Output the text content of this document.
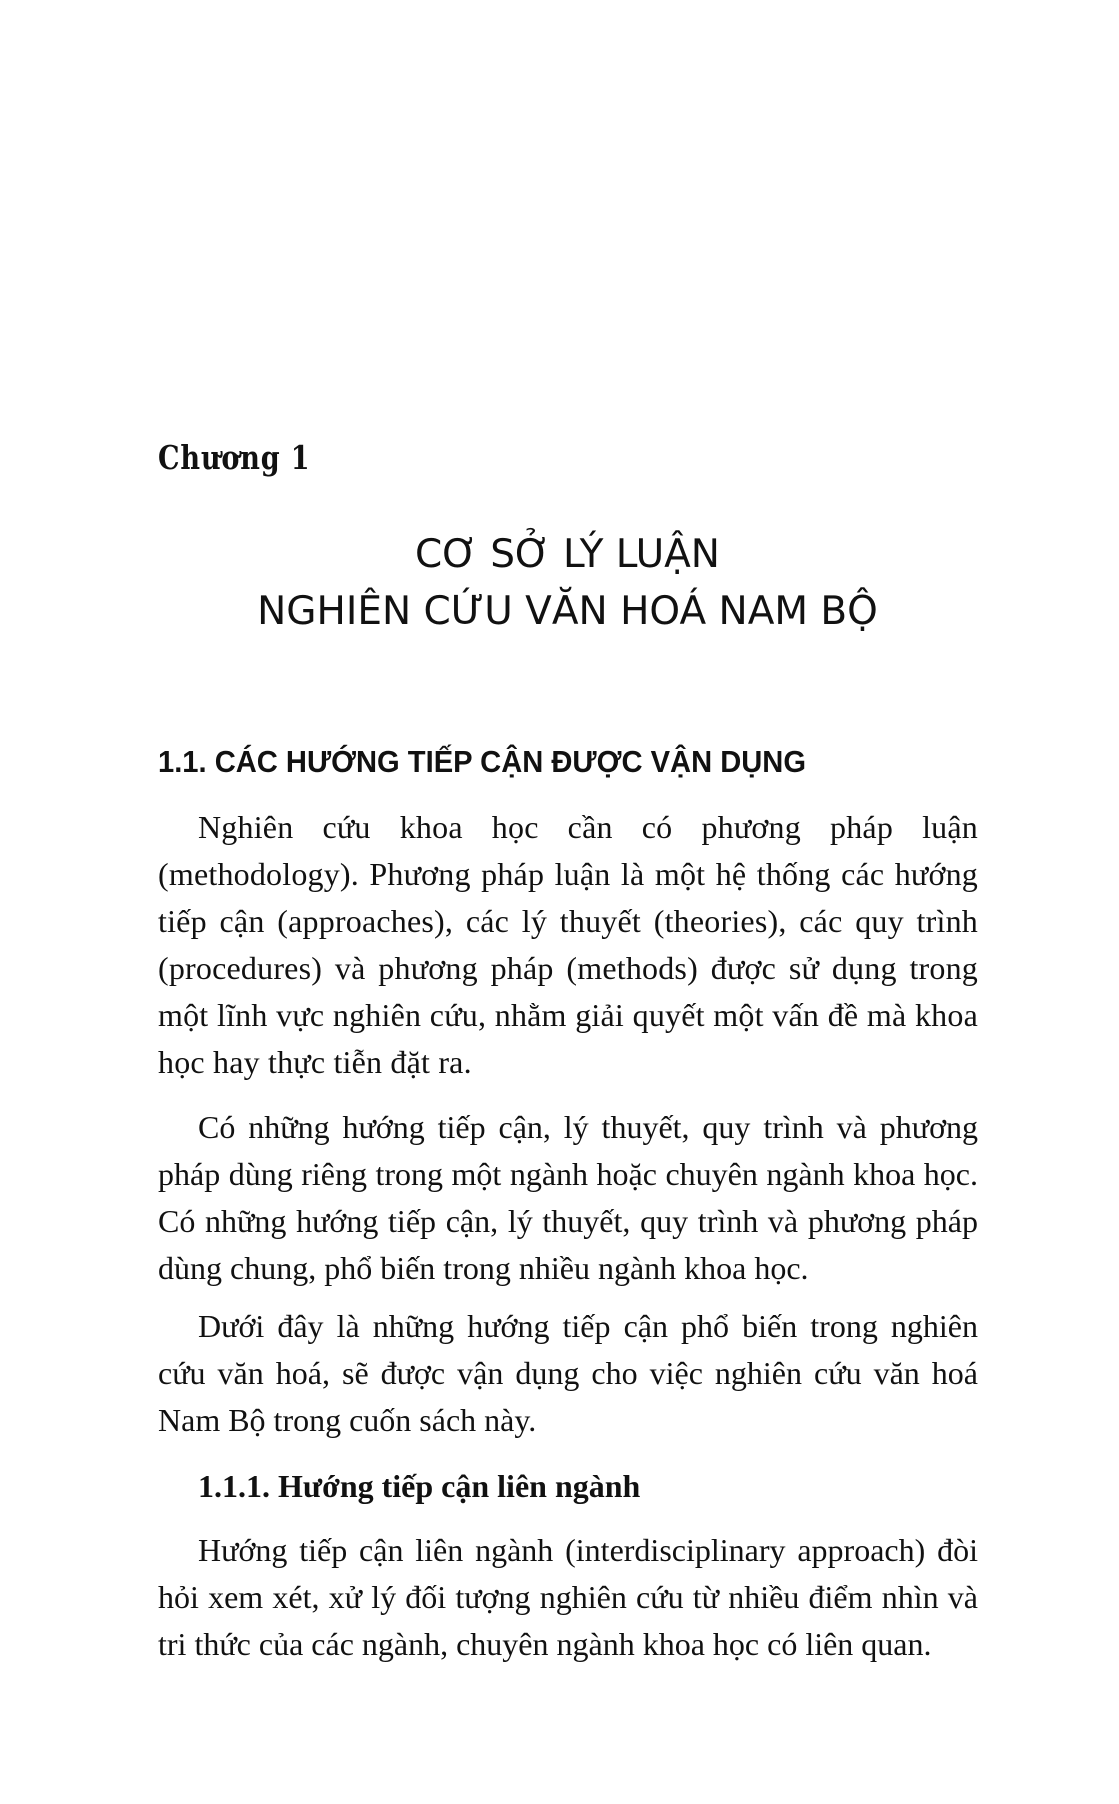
Chương 1
CƠ SỞ LÝ LUẬN
NGHIÊN CỨU VĂN HOÁ NAM BỘ
1.1. CÁC HƯỚNG TIẾP CẬN ĐƯỢC VẬN DỤNG

Nghiên cứu khoa học cần có phương pháp luận (methodology). Phương pháp luận là một hệ thống các hướng tiếp cận (approaches), các lý thuyết (theories), các quy trình (procedures) và phương pháp (methods) được sử dụng trong một lĩnh vực nghiên cứu, nhằm giải quyết một vấn đề mà khoa học hay thực tiễn đặt ra.

Có những hướng tiếp cận, lý thuyết, quy trình và phương pháp dùng riêng trong một ngành hoặc chuyên ngành khoa học. Có những hướng tiếp cận, lý thuyết, quy trình và phương pháp dùng chung, phổ biến trong nhiều ngành khoa học.

Dưới đây là những hướng tiếp cận phổ biến trong nghiên cứu văn hoá, sẽ được vận dụng cho việc nghiên cứu văn hoá Nam Bộ trong cuốn sách này.

1.1.1. Hướng tiếp cận liên ngành

Hướng tiếp cận liên ngành (interdisciplinary approach) đòi hỏi xem xét, xử lý đối tượng nghiên cứu từ nhiều điểm nhìn và tri thức của các ngành, chuyên ngành khoa học có liên quan.
